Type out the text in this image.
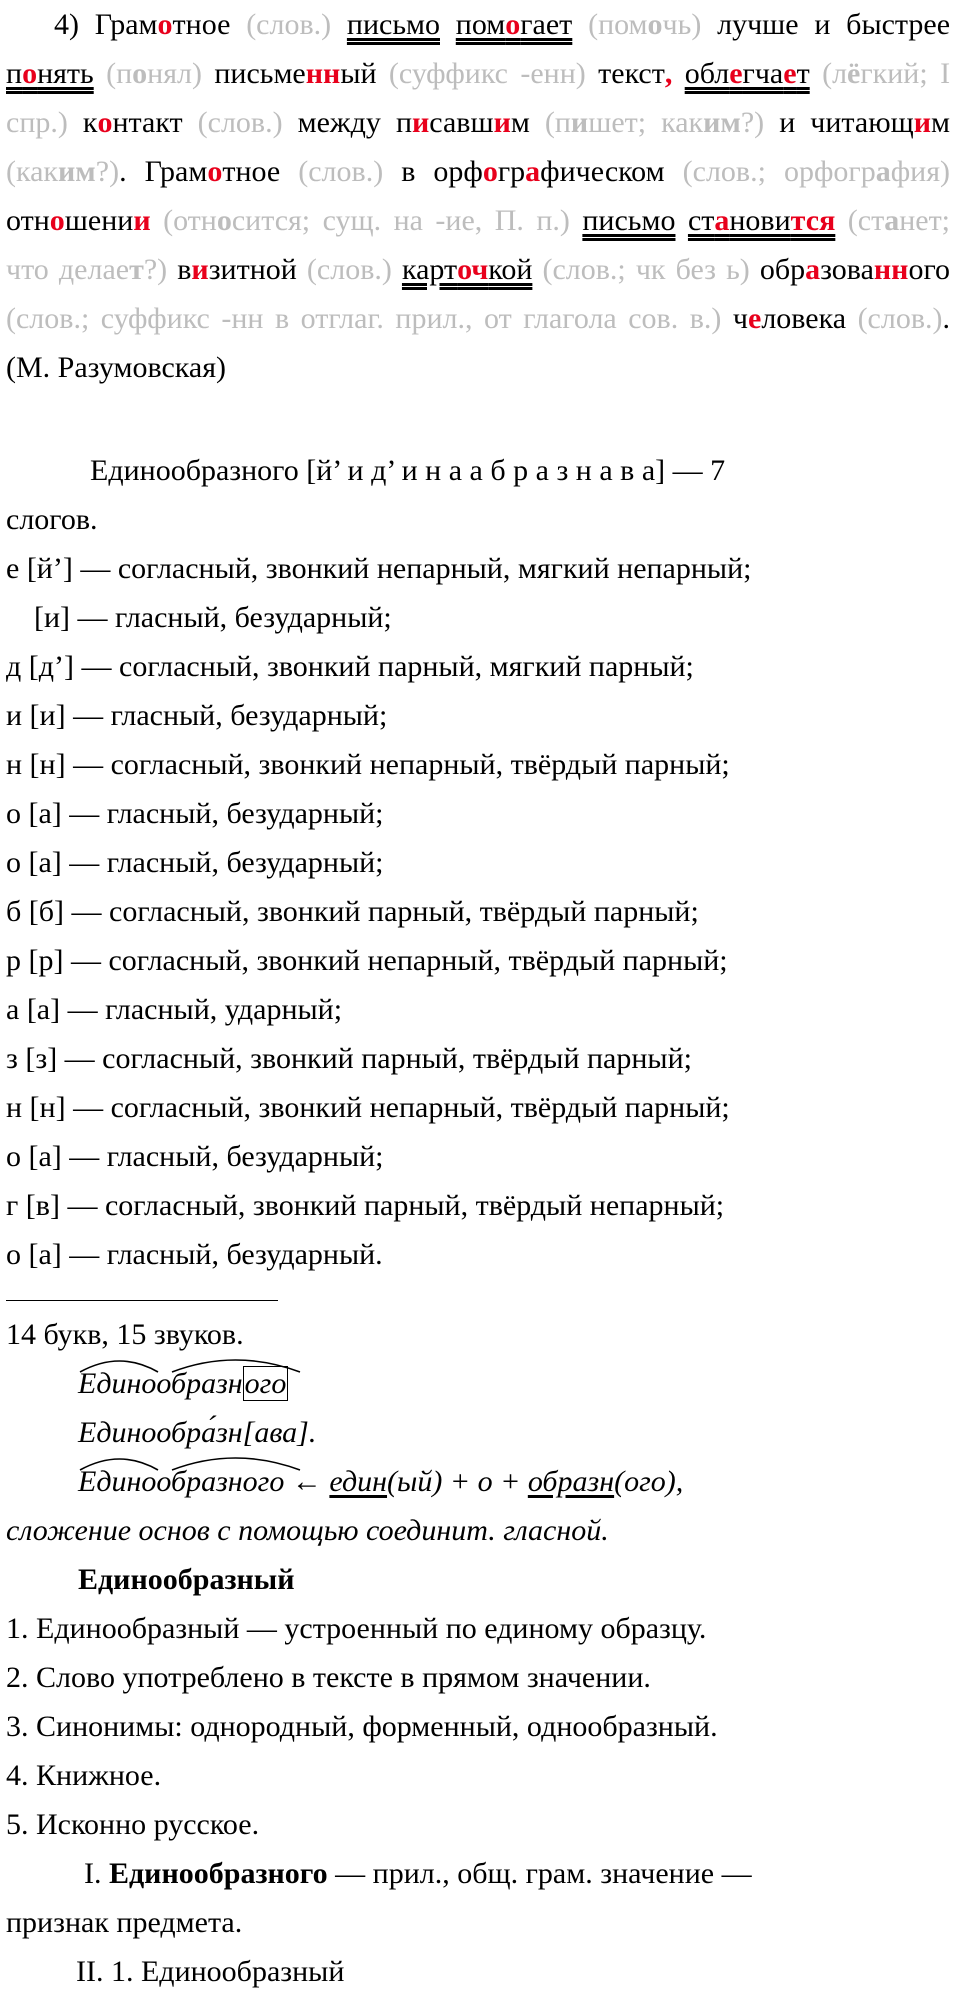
4) Грамотное (слов.) письмо помогает (помочь) лучше и быстрее понять (понял) письменный (суффикс -енн) текст, облегчает (лёгкий; I спр.) контакт (слов.) между писавшим (пишет; каким?) и читающим (каким?). Грамотное (слов.) в орфографическом (слов.; орфография) отношении (относится; сущ. на -ие, П. п.) письмо становится (станет; что делает?) визитной (слов.) карточкой (слов.; чк без ь) образованного (слов.; суффикс -нн в отглаг. прил., от глагола сов. в.) человека (слов.). (М. Разумовская)

Единообразного [й’ и д’ и н а а б р а з н а в а] — 7
слогов.
е [й’] — согласный, звонкий непарный, мягкий непарный;
[и] — гласный, безударный;
д [д’] — согласный, звонкий парный, мягкий парный;
и [и] — гласный, безударный;
н [н] — согласный, звонкий непарный, твёрдый парный;
о [а] — гласный, безударный;
о [а] — гласный, безударный;
б [б] — согласный, звонкий парный, твёрдый парный;
р [р] — согласный, звонкий непарный, твёрдый парный;
а [а] — гласный, ударный;
з [з] — согласный, звонкий парный, твёрдый парный;
н [н] — согласный, звонкий непарный, твёрдый парный;
о [а] — гласный, безударный;
г [в] — согласный, звонкий парный, твёрдый непарный;
о [а] — гласный, безударный.
14 букв, 15 звуков.
Единообразного
Единообра́зн[ава].
Единообразного ← един(ый) + о + образн(ого),
сложение основ с помощью соединит. гласной.
Единообразный
1. Единообразный — устроенный по единому образцу.
2. Слово употреблено в тексте в прямом значении.
3. Синонимы: однородный, форменный, однообразный.
4. Книжное.
5. Исконно русское.
I. Единообразного — прил., общ. грам. значение —
признак предмета.
II. 1. Единообразный
